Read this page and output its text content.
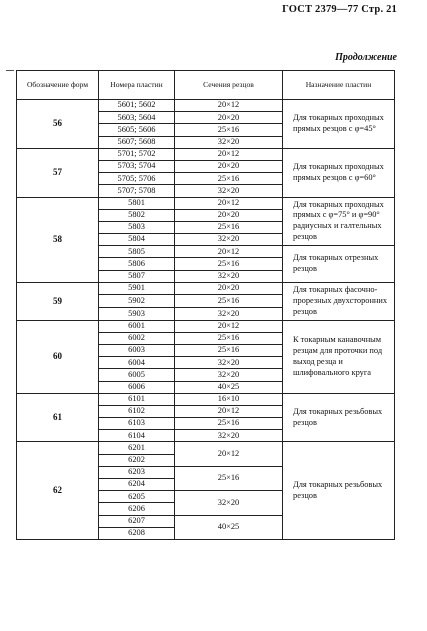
ГОСТ 2379—77 Стр. 21
Продолжение
Обозначение форм	Номера пластин	Сечения резцов	Назначение пластин
56	5601; 5602	20×12	Для токарных проходных прямых резцов с φ=45°
	5603; 5604	20×20	
	5605; 5606	25×16	
	5607; 5608	32×20	
57	5701; 5702	20×12	Для токарных проходных прямых резцов с φ=60°
	5703; 5704	20×20	
	5705; 5706	25×16	
	5707; 5708	32×20	
58	5801	20×12	Для токарных проходных прямых с φ=75° и φ=90° радиусных и галтельных резцов
	5802	20×20	
	5803	25×16	
	5804	32×20	
	5805	20×12	Для токарных отрезных резцов
	5806	25×16	
	5807	32×20	
59	5901	20×20	Для токарных фасочно-прорезных двухсторонних резцов
	5902	25×16	
	5903	32×20	
60	6001	20×12	К токарным канавочным резцам для проточки под выход резца и шлифовального круга
	6002	25×16	
	6003	25×16	
	6004	32×20	
	6005	32×20	
	6006	40×25	
61	6101	16×10	Для токарных резьбовых резцов
	6102	20×12	
	6103	25×16	
	6104	32×20	
62	6201	20×12	Для токарных резьбовых резцов
	6202		
	6203	25×16	
	6204		
	6205	32×20	
	6206		
	6207	40×25	
	6208		
